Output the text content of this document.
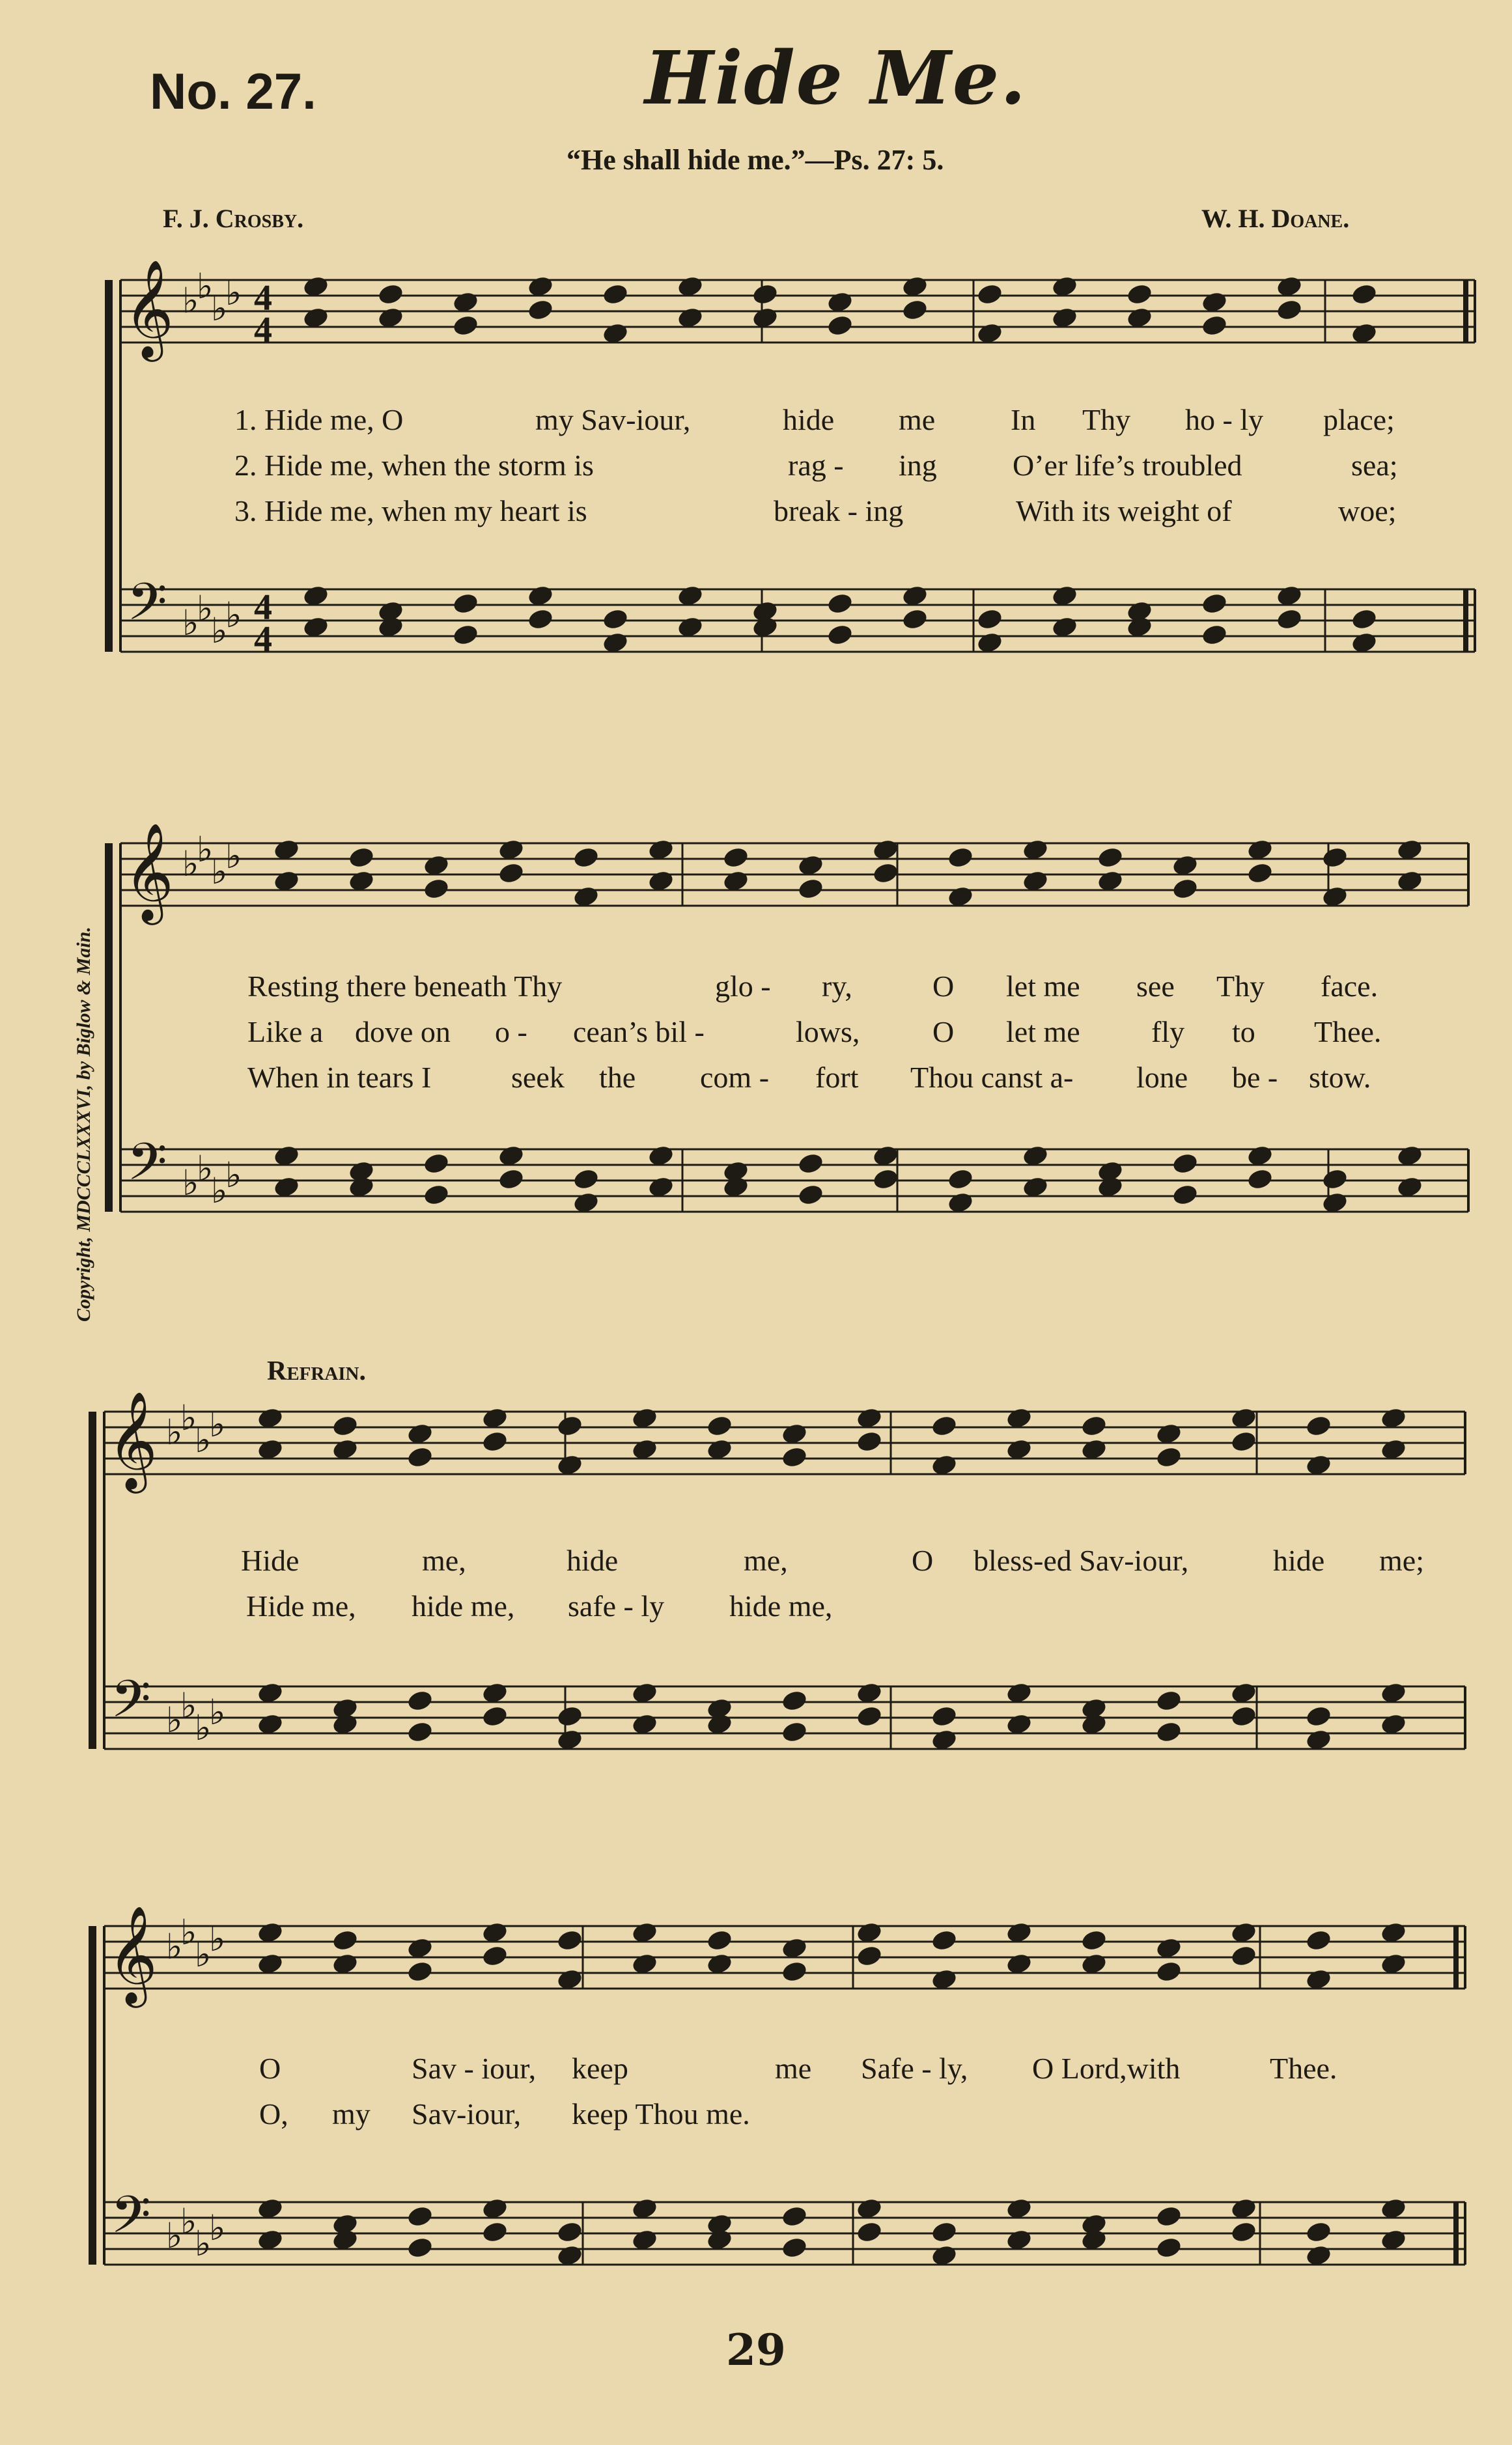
𝄞
𝄢
♭
♭
♭
♭
♭
♭
♭
♭
4
4
4
4
𝄞
𝄢
♭
♭
♭
♭
♭
♭
♭
♭
𝄞
𝄢
♭
♭
♭
♭
♭
♭
♭
♭
𝄞
𝄢
♭
♭
♭
♭
♭
♭
♭
♭
No. 27.	Hide Me.
“He shall hide me.”—Ps. 27: 5.
F. J. Crosby.	W. H. Doane.
Copyright, MDCCCLXXXVI, by Biglow & Main.
1. Hide me, O	my Sav-iour,	hide me	In Thy ho - ly place;
2. Hide me, when the storm is	rag - ing	O’er life’s troubled	sea;
3. Hide me, when my heart is	break - ing	With its weight of	woe;
Resting there beneath Thy	glo - ry,	O let me see Thy face.
Like a dove on o - cean’s bil -	lows, O let me fly to Thee.
When in tears I	seek the com - fort Thou canst a- lone be - stow.
Refrain.
Hide	me,	hide	me,	O bless-ed Sav-iour,	hide me;
Hide me, hide me, safe - ly hide me,
O	Sav - iour, keep	me Safe - ly, O Lord,with	Thee.
O, my Sav-iour, keep Thou me.
29
